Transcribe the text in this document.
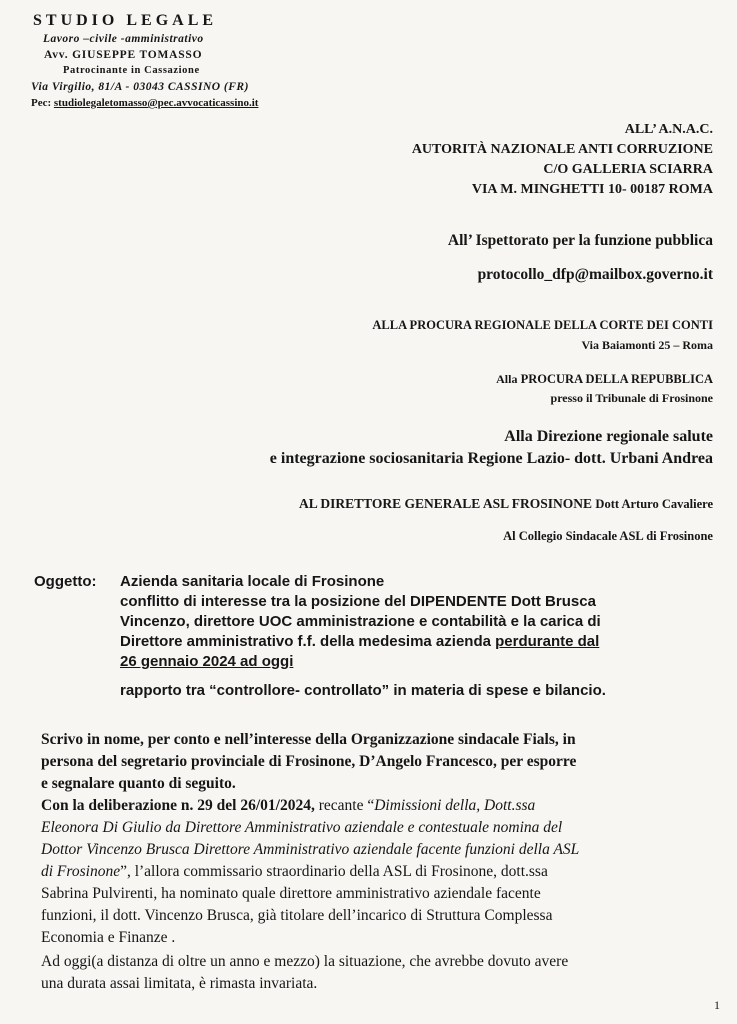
STUDIO LEGALE
Lavoro –civile -amministrativo
Avv. GIUSEPPE TOMASSO
Patrocinante in Cassazione
Via Virgilio, 81/A - 03043 CASSINO (FR)
Pec: studiolegaletomasso@pec.avvocaticassino.it
ALL’ A.N.A.C.
AUTORITÀ NAZIONALE ANTI CORRUZIONE
C/O GALLERIA SCIARRA
VIA M. MINGHETTI 10- 00187 ROMA
All’ Ispettorato per la funzione pubblica
protocollo_dfp@mailbox.governo.it
ALLA PROCURA REGIONALE DELLA CORTE DEI CONTI
Via Baiamonti 25 – Roma
Alla PROCURA DELLA REPUBBLICA
presso il Tribunale di Frosinone
Alla Direzione regionale salute
e integrazione sociosanitaria Regione Lazio- dott. Urbani Andrea
AL DIRETTORE GENERALE ASL FROSINONE Dott Arturo Cavaliere
Al Collegio Sindacale ASL di Frosinone
Oggetto: Azienda sanitaria locale di Frosinone
conflitto di interesse tra la posizione del DIPENDENTE Dott Brusca
Vincenzo, direttore UOC amministrazione e contabilità e la carica di
Direttore amministrativo f.f. della medesima azienda perdurante dal
26 gennaio 2024 ad oggi
rapporto tra “controllore- controllato” in materia di spese e bilancio.
Scrivo in nome, per conto e nell’interesse della Organizzazione sindacale Fials, in
persona del segretario provinciale di Frosinone, D’Angelo Francesco, per esporre
e segnalare quanto di seguito.
Con la deliberazione n. 29 del 26/01/2024, recante “Dimissioni della, Dott.ssa
Eleonora Di Giulio da Direttore Amministrativo aziendale e contestuale nomina del
Dottor Vincenzo Brusca Direttore Amministrativo aziendale facente funzioni della ASL
di Frosinone”, l’allora commissario straordinario della ASL di Frosinone, dott.ssa
Sabrina Pulvirenti, ha nominato quale direttore amministrativo aziendale facente
funzioni, il dott. Vincenzo Brusca, già titolare dell’incarico di Struttura Complessa
Economia e Finanze .
Ad oggi(a distanza di oltre un anno e mezzo) la situazione, che avrebbe dovuto avere
una durata assai limitata, è rimasta invariata.
1
